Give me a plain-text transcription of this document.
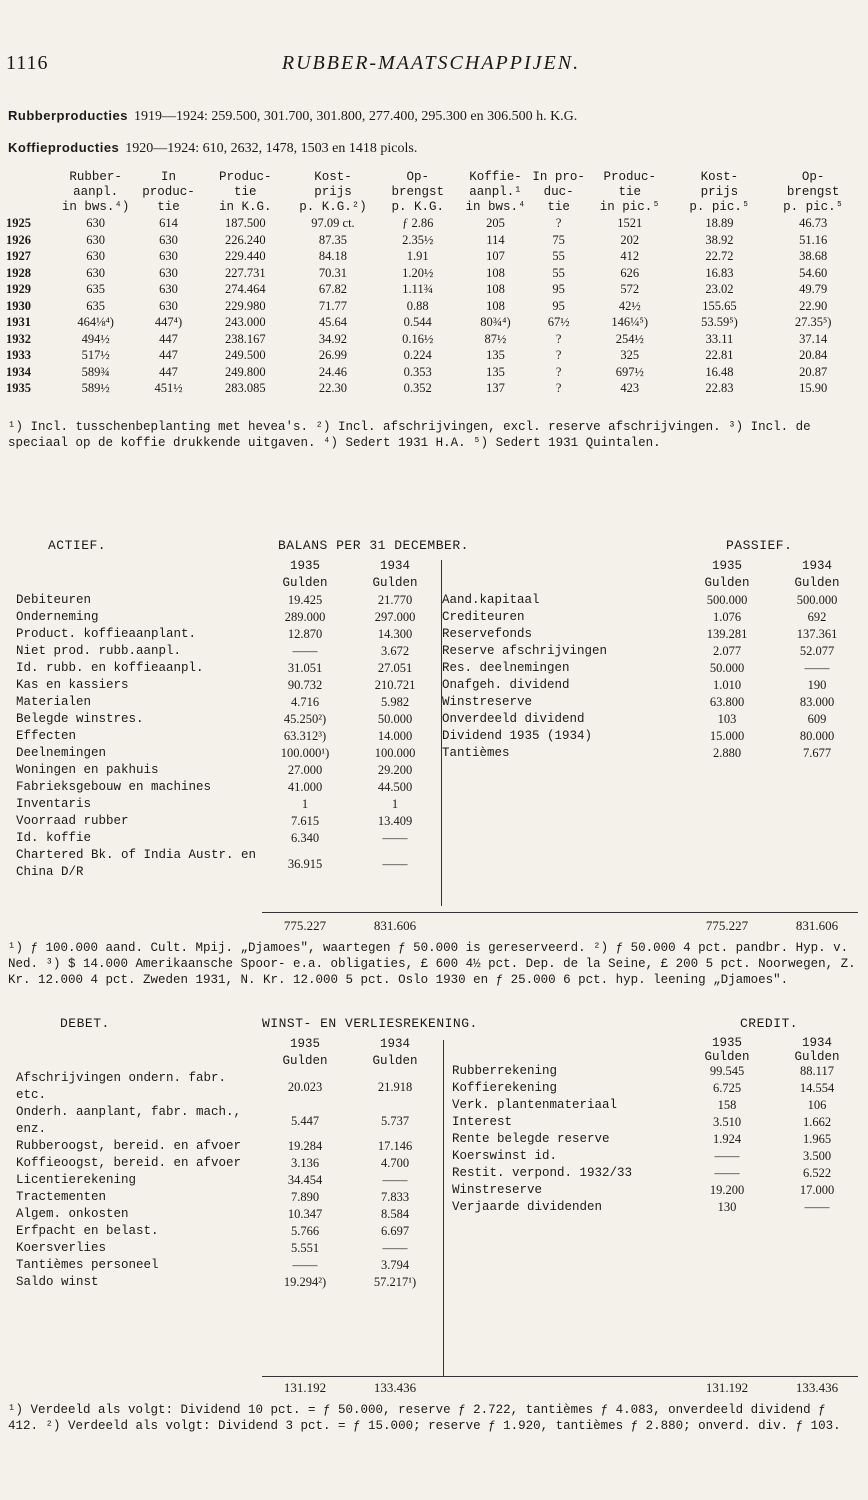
RUBBER-MAATSCHAPPIJEN.
1116
Rubberproducties 1919—1924: 259.500, 301.700, 301.800, 277.400, 295.300 en 306.500 h. K.G.
Koffieproducties 1920—1924: 610, 2632, 1478, 1503 en 1418 picols.
	Rubber-	In	Produc-	Kost-	Op-	Koffie-	In pro-	Produc-	Kost-	Op-
	aanpl.	produc-	tie	prijs	brengst	aanpl.¹	duc-	tie	prijs	brengst
	in bws.⁴)	tie	in K.G.	p. K.G.²)	p. K.G.	in bws.⁴	tie	in pic.⁵	p. pic.⁵	p. pic.⁵
1925	630	614	187.500	97.09 ct.	ƒ 2.86	205	?	1521	18.89	46.73
1926	630	630	226.240	87.35	2.35½	114	75	202	38.92	51.16
1927	630	630	229.440	84.18	1.91	107	55	412	22.72	38.68
1928	630	630	227.731	70.31	1.20½	108	55	626	16.83	54.60
1929	635	630	274.464	67.82	1.11¾	108	95	572	23.02	49.79
1930	635	630	229.980	71.77	0.88	108	95	42½	155.65	22.90
1931	464⅛⁴)	447⁴)	243.000	45.64	0.544	80¾⁴)	67½	146¼⁵)	53.59⁵)	27.35⁵)
1932	494½	447	238.167	34.92	0.16½	87½	?	254½	33.11	37.14
1933	517½	447	249.500	26.99	0.224	135	?	325	22.81	20.84
1934	589¾	447	249.800	24.46	0.353	135	?	697½	16.48	20.87
1935	589½	451½	283.085	22.30	0.352	137	?	423	22.83	15.90
¹) Incl. tusschenbeplanting met hevea's. ²) Incl. afschrijvingen, excl. reserve afschrijvingen. ³) Incl. de speciaal op de koffie drukkende uitgaven. ⁴) Sedert 1931 H.A. ⁵) Sedert 1931 Quintalen.
ACTIEF.	BALANS PER 31 DECEMBER.	PASSIEF.
	1935	1934
	Gulden	Gulden
Debiteuren	19.425	21.770
Onderneming	289.000	297.000
Product. koffieaanplant.	12.870	14.300
Niet prod. rubb.aanpl.	——	3.672
Id. rubb. en koffieaanpl.	31.051	27.051
Kas en kassiers	90.732	210.721
Materialen	4.716	5.982
Belegde winstres.	45.250²)	50.000
Effecten	63.312³)	14.000
Deelnemingen	100.000¹)	100.000
Woningen en pakhuis	27.000	29.200
Fabrieksgebouw en machines	41.000	44.500
Inventaris	1	1
Voorraad rubber	7.615	13.409
Id. koffie	6.340	——
Chartered Bk. of India Austr. en China D/R	36.915	——
	1935	1934
	Gulden	Gulden
Aand.kapitaal	500.000	500.000
Crediteuren	1.076	692
Reservefonds	139.281	137.361
Reserve afschrijvingen	2.077	52.077
Res. deelnemingen	50.000	——
Onafgeh. dividend	1.010	190
Winstreserve	63.800	83.000
Onverdeeld dividend	103	609
Dividend 1935 (1934)	15.000	80.000
Tantièmes	2.880	7.677
775.227	831.606	775.227	831.606
¹) ƒ 100.000 aand. Cult. Mpij. „Djamoes", waartegen ƒ 50.000 is gereserveerd. ²) ƒ 50.000 4 pct. pandbr. Hyp. v. Ned. ³) $ 14.000 Amerikaansche Spoor- e.a. obligaties, £ 600 4½ pct. Dep. de la Seine, £ 200 5 pct. Noorwegen, Z. Kr. 12.000 4 pct. Zweden 1931, N. Kr. 12.000 5 pct. Oslo 1930 en ƒ 25.000 6 pct. hyp. leening „Djamoes".
DEBET.	WINST- EN VERLIESREKENING.	CREDIT.
	1935	1934
	Gulden	Gulden
Afschrijvingen ondern. fabr. etc.	20.023	21.918
Onderh. aanplant, fabr. mach., enz.	5.447	5.737
Rubberoogst, bereid. en afvoer	19.284	17.146
Koffieoogst, bereid. en afvoer	3.136	4.700
Licentierekening	34.454	——
Tractementen	7.890	7.833
Algem. onkosten	10.347	8.584
Erfpacht en belast.	5.766	6.697
Koersverlies	5.551	——
Tantièmes personeel	——	3.794
Saldo winst	19.294²)	57.217¹)
Rubberrekening	99.545	88.117
Koffierekening	6.725	14.554
Verk. plantenmateriaal	158	106
Interest	3.510	1.662
Rente belegde reserve	1.924	1.965
Koerswinst id.	——	3.500
Restit. verpond. 1932/33	——	6.522
Winstreserve	19.200	17.000
Verjaarde dividenden	130	——
1935	1934
Gulden	Gulden
131.192	133.436	131.192	133.436
¹) Verdeeld als volgt: Dividend 10 pct. = ƒ 50.000, reserve ƒ 2.722, tantièmes ƒ 4.083, onverdeeld dividend ƒ 412. ²) Verdeeld als volgt: Dividend 3 pct. = ƒ 15.000; reserve ƒ 1.920, tantièmes ƒ 2.880; onverd. div. ƒ 103.
